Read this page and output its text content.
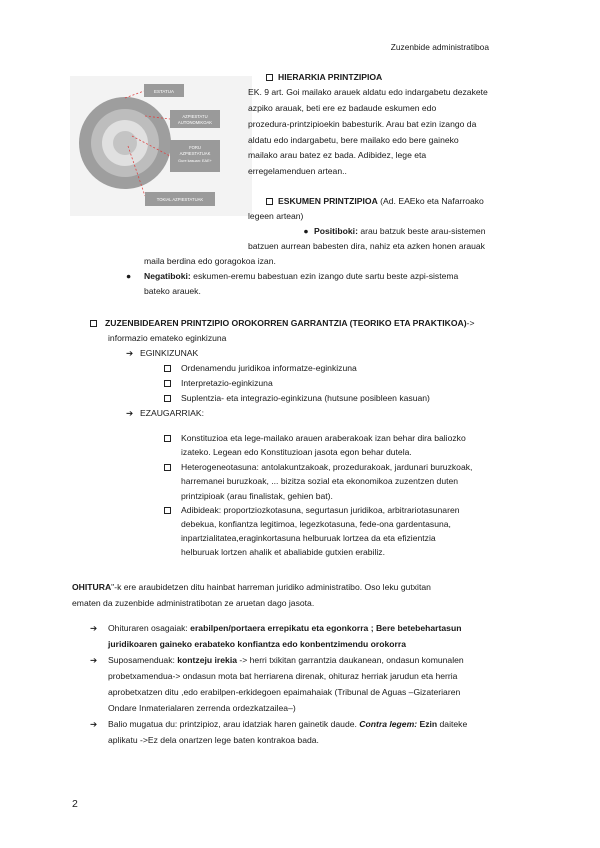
Zuzenbide administratiboa
ESTATUA
AZPIESTATU
AUTONOMIKOAK
FORU
AZPIESTATUAK
Gure kasuan: EAE+
TOKIAL AZPIESTATUAK
HIERARKIA PRINTZIPIOA
EK. 9 art. Goi mailako arauek aldatu edo indargabetu dezakete
azpiko arauak, beti ere ez badaude eskumen edo
prozedura-printzipioekin babesturik. Arau bat ezin izango da
aldatu edo indargabetu, bere mailako edo bere gaineko
mailako arau batez ez bada. Adibidez, lege eta
erregelamenduen artean..
ESKUMEN PRINTZIPIOA (Ad. EAEko eta Nafarroako
legeen artean)
● Positiboki: arau batzuk beste arau-sistemen
batzuen aurrean babesten dira, nahiz eta azken honen arauak
maila berdina edo goragokoa izan.
● Negatiboki: eskumen-eremu babestuan ezin izango dute sartu beste azpi-sistema
bateko arauek.
ZUZENBIDEAREN PRINTZIPIO OROKORREN GARRANTZIA (TEORIKO ETA PRAKTIKOA)->
informazio emateko eginkizuna
➔ EGINKIZUNAK
Ordenamendu juridikoa informatze-eginkizuna
Interpretazio-eginkizuna
Suplentzia- eta integrazio-eginkizuna (hutsune posibleen kasuan)
➔ EZAUGARRIAK:
Konstituzioa eta lege-mailako arauen araberakoak izan behar dira baliozko
izateko. Legean edo Konstituzioan jasota egon behar dutela.
Heterogeneotasuna: antolakuntzakoak, prozedurakoak, jardunari buruzkoak,
harremanei buruzkoak, ... bizitza sozial eta ekonomikoa zuzentzen duten
printzipioak (arau finalistak, gehien bat).
Adibideak: proportziozkotasuna, segurtasun juridikoa, arbitrariotasunaren
debekua, konfiantza legitimoa, legezkotasuna, fede-ona gardentasuna,
inpartzialitatea,eraginkortasuna helburuak lortzea da eta efizientzia
helburuak lortzen ahalik et abaliabide gutxien erabiliz.
OHITURA"-k ere araubidetzen ditu hainbat harreman juridiko administratibo. Oso leku gutxitan
ematen da zuzenbide administratibotan ze aruetan dago jasota.
➔ Ohituraren osagaiak: erabilpen/portaera errepikatu eta egonkorra ; Bere betebehartasun
juridikoaren gaineko erabateko konfiantza edo konbentzimendu orokorra
➔ Suposamenduak: kontzeju irekia -> herri txikitan garrantzia daukanean, ondasun komunalen
probetxamendua-> ondasun mota bat herriarena direnak, ohituraz herriak jarudun eta herria
aprobetxatzen ditu ,edo erabilpen-erkidegoen epaimahaiak (Tribunal de Aguas –Gizateriaren
Ondare Inmaterialaren zerrenda ordezkatzailea–)
➔ Balio mugatua du: printzipioz, arau idatziak haren gainetik daude. Contra legem: Ezin daiteke
aplikatu ->Ez dela onartzen lege baten kontrakoa bada.
2
